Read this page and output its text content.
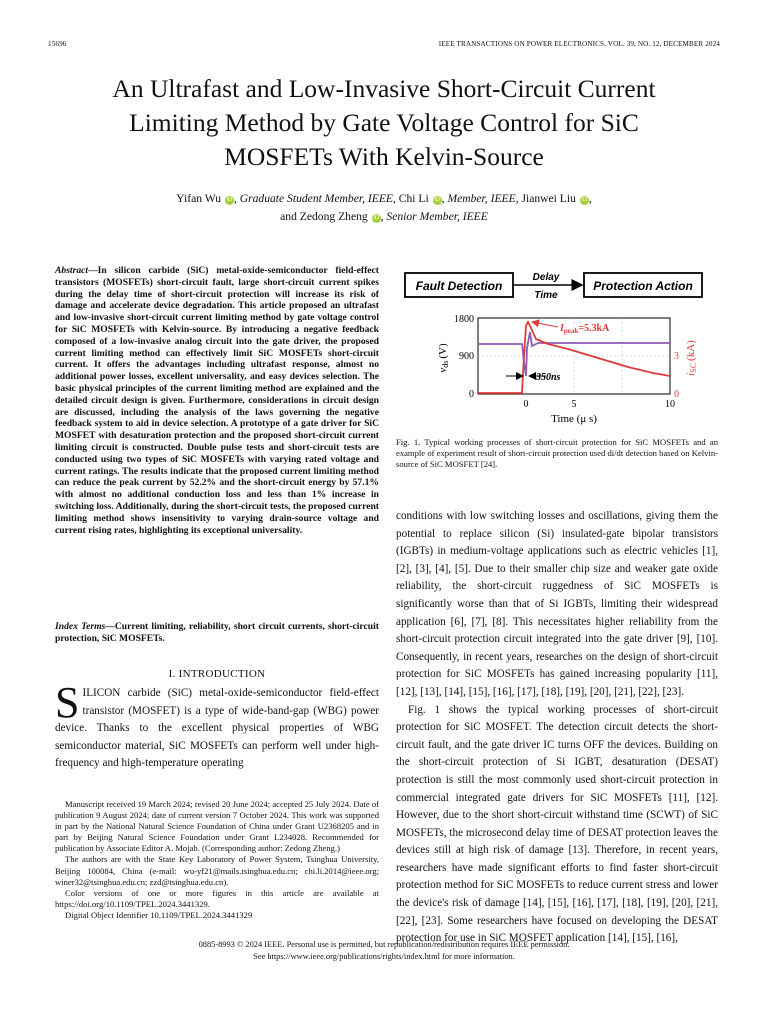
15696	IEEE TRANSACTIONS ON POWER ELECTRONICS, VOL. 39, NO. 12, DECEMBER 2024
An Ultrafast and Low-Invasive Short-Circuit Current
Limiting Method by Gate Voltage Control for SiC
MOSFETs With Kelvin-Source
Yifan Wu iD , Graduate Student Member, IEEE, Chi Li iD , Member, IEEE, Jianwei Liu iD ,
and Zedong Zheng iD , Senior Member, IEEE
Abstract—In silicon carbide (SiC) metal-oxide-semiconductor field-effect transistors (MOSFETs) short-circuit fault, large short-circuit current spikes during the delay time of short-circuit protection will increase its risk of damage and accelerate device degradation. This article proposed an ultrafast and low-invasive short-circuit current limiting method by gate voltage control for SiC MOSFETs with Kelvin-source. By introducing a negative feedback composed of a low-invasive analog circuit into the gate driver, the proposed current limiting method can effectively limit SiC MOSFETs short-circuit current. It offers the advantages including ultrafast response, almost no additional power losses, excellent universality, and easy devices selection. The basic physical principles of the current limiting method are explained and the detailed circuit design is given. Furthermore, considerations in circuit design are discussed, including the analysis of the laws governing the negative feedback system to aid in device selection. A prototype of a gate driver for SiC MOSFET with desaturation protection and the proposed short-circuit current limiting circuit is constructed. Double pulse tests and short-circuit tests are conducted using two types of SiC MOSFETs with varying rated voltage and current ratings. The results indicate that the proposed current limiting method can reduce the peak current by 52.2% and the short-circuit energy by 57.1% with almost no additional conduction loss and less than 1% increase in switching loss. Additionally, during the short-circuit tests, the proposed current limiting method shows insensitivity to varying drain-source voltage and current rising rates, highlighting its exceptional universality.
Index Terms—Current limiting, reliability, short circuit currents, short-circuit protection, SiC MOSFETs.
I. INTRODUCTION
SILICON carbide (SiC) metal-oxide-semiconductor field-effect transistor (MOSFET) is a type of wide-band-gap (WBG) power device. Thanks to the excellent physical properties of WBG semiconductor material, SiC MOSFETs can perform well under high-frequency and high-temperature operating

Manuscript received 19 March 2024; revised 20 June 2024; accepted 25 July 2024. Date of publication 9 August 2024; date of current version 7 October 2024. This work was supported in part by the National Natural Science Foundation of China under Grant U2368205 and in part by Beijing Natural Science Foundation under Grant L234028. Recommended for publication by Associate Editor A. Mojab. (Corresponding author: Zedong Zheng.)

The authors are with the State Key Laboratory of Power System, Tsinghua University, Beijing 100084, China (e-mail: wu-yf21@mails.tsinghua.edu.cn; chi.li.2014@ieee.org; winer32@tsinghua.edu.cn; zzd@tsinghua.edu.cn).

Color versions of one or more figures in this article are available at https://doi.org/10.1109/TPEL.2024.3441329.

Digital Object Identifier 10.1109/TPEL.2024.3441329

Fault Detection	Protection Action
Delay
Time
$I_{peak}=5.3kA$
350ns
1800
900
0
3
0
0	5	10
Time (μ s)
vds(V)
iSC(kA)
Fig. 1. Typical working processes of short-circuit protection for SiC MOSFETs and an example of experiment result of short-circuit protection used di/dt detection based on Kelvin-source of SiC MOSFET [24].

conditions with low switching losses and oscillations, giving them the potential to replace silicon (Si) insulated-gate bipolar transistors (IGBTs) in medium-voltage applications such as electric vehicles [1], [2], [3], [4], [5]. Due to their smaller chip size and weaker gate oxide reliability, the short-circuit ruggedness of SiC MOSFETs is significantly worse than that of Si IGBTs, limiting their widespread application [6], [7], [8]. This necessitates higher reliability from the short-circuit protection circuit integrated into the gate driver [9], [10]. Consequently, in recent years, researches on the design of short-circuit protection for SiC MOSFETs has gained increasing popularity [11], [12], [13], [14], [15], [16], [17], [18], [19], [20], [21], [22], [23].

Fig. 1 shows the typical working processes of short-circuit protection for SiC MOSFET. The detection circuit detects the short-circuit fault, and the gate driver IC turns OFF the devices. Building on the short-circuit protection of Si IGBT, desaturation (DESAT) protection is still the most commonly used short-circuit protection in commercial integrated gate drivers for SiC MOSFETs [11], [12]. However, due to the short short-circuit withstand time (SCWT) of SiC MOSFETs, the microsecond delay time of DESAT protection leaves the devices still at high risk of damage [13]. Therefore, in recent years, researchers have made significant efforts to find faster short-circuit protection method for SiC MOSFETs to reduce current stress and lower the device's risk of damage [14], [15], [16], [17], [18], [19], [20], [21], [22], [23]. Some researchers have focused on developing the DESAT protection for use in SiC MOSFET application [14], [15], [16],

0885-8993 © 2024 IEEE. Personal use is permitted, but republication/redistribution requires IEEE permission.
See https://www.ieee.org/publications/rights/index.html for more information.
